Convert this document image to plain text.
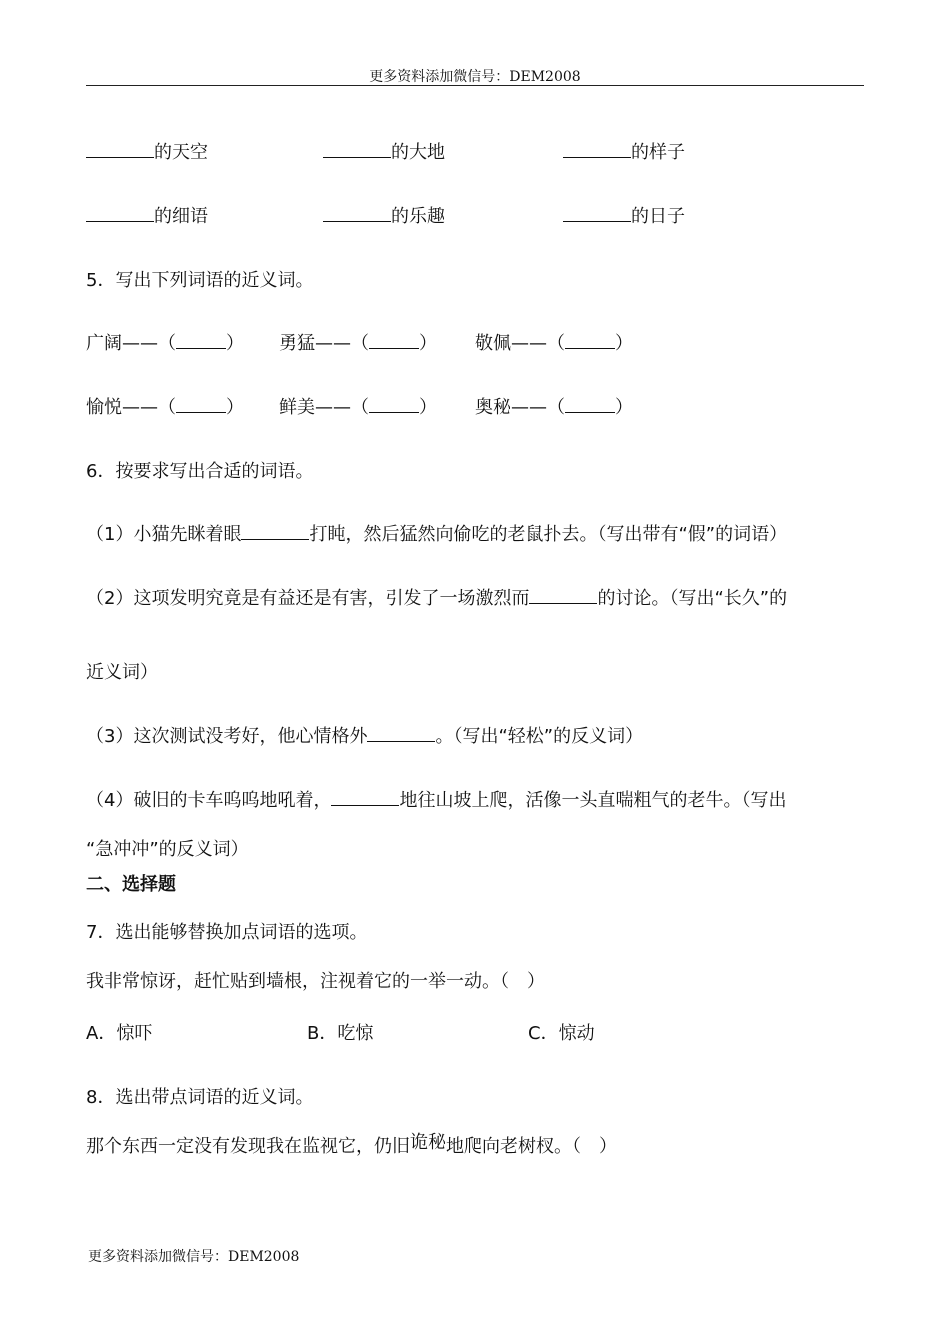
更多资料添加微信号：DEM2008
的天空	的大地	的样子
的细语	的乐趣	的日子
5．写出下列词语的近义词。
广阔——（	） 勇猛——（	） 敬佩——（	）
愉悦——（	） 鲜美——（	） 奥秘——（	）
6．按要求写出合适的词语。
（1）小猫先眯着眼	打盹，然后猛然向偷吃的老鼠扑去。（写出带有“假”的词语）
（2）这项发明究竟是有益还是有害，引发了一场激烈而	的讨论。（写出“长久”的
近义词）
（3）这次测试没考好，他心情格外	。（写出“轻松”的反义词）
（4）破旧的卡车呜呜地吼着，	地往山坡上爬，活像一头直喘粗气的老牛。（写出
“急冲冲”的反义词）
二、选择题
7．选出能够替换加点词语的选项。
我非常惊讶，赶忙贴到墙根，注视着它的一举一动。（　）
A．惊吓	B．吃惊	C．惊动
8．选出带点词语的近义词。
那个东西一定没有发现我在监视它，仍旧诡秘地爬向老树杈。（　）
更多资料添加微信号：DEM2008
